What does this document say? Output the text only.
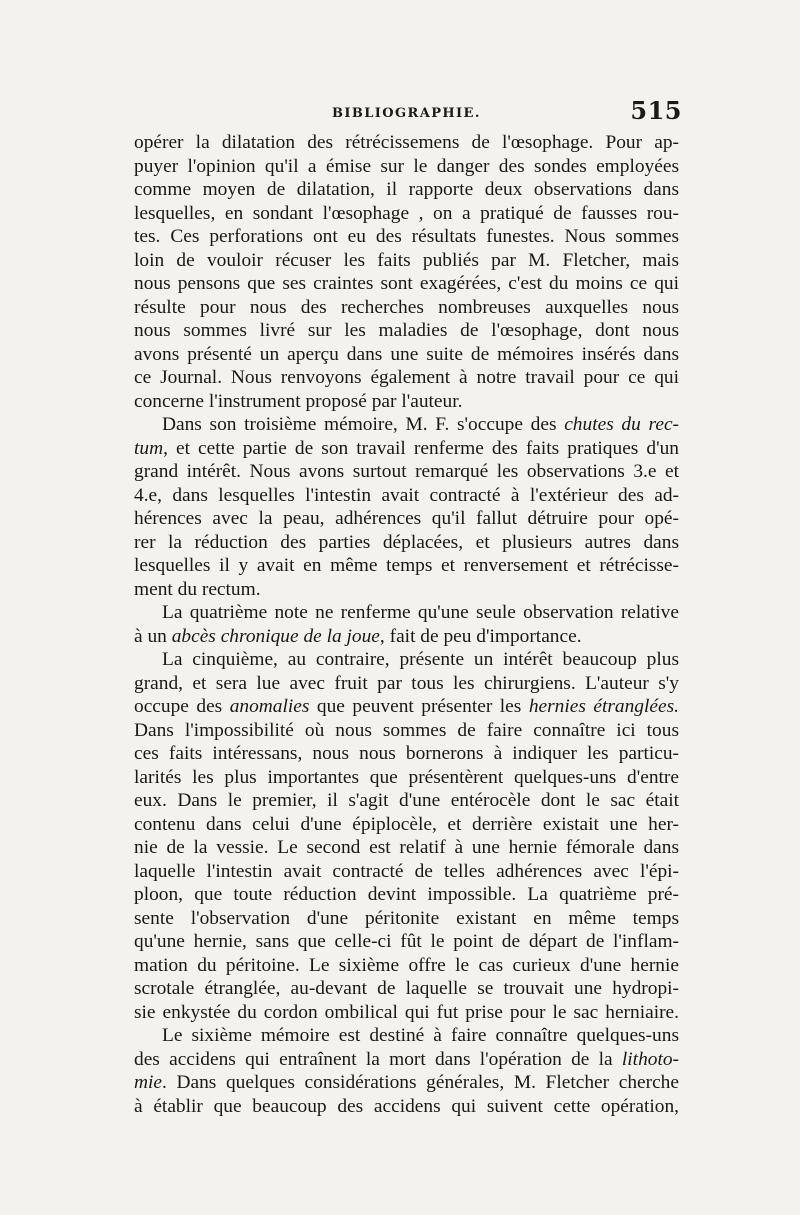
BIBLIOGRAPHIE.	515
opérer la dilatation des rétrécissemens de l'œsophage. Pour ap-
puyer l'opinion qu'il a émise sur le danger des sondes employées
comme moyen de dilatation, il rapporte deux observations dans
lesquelles, en sondant l'œsophage , on a pratiqué de fausses rou-
tes. Ces perforations ont eu des résultats funestes. Nous sommes
loin de vouloir récuser les faits publiés par M. Fletcher, mais
nous pensons que ses craintes sont exagérées, c'est du moins ce qui
résulte pour nous des recherches nombreuses auxquelles nous
nous sommes livré sur les maladies de l'œsophage, dont nous
avons présenté un aperçu dans une suite de mémoires insérés dans
ce Journal. Nous renvoyons également à notre travail pour ce qui
concerne l'instrument proposé par l'auteur.
Dans son troisième mémoire, M. F. s'occupe des chutes du rec-
tum, et cette partie de son travail renferme des faits pratiques d'un
grand intérêt. Nous avons surtout remarqué les observations 3.e et
4.e, dans lesquelles l'intestin avait contracté à l'extérieur des ad-
hérences avec la peau, adhérences qu'il fallut détruire pour opé-
rer la réduction des parties déplacées, et plusieurs autres dans
lesquelles il y avait en même temps et renversement et rétrécisse-
ment du rectum.
La quatrième note ne renferme qu'une seule observation relative
à un abcès chronique de la joue, fait de peu d'importance.
La cinquième, au contraire, présente un intérêt beaucoup plus
grand, et sera lue avec fruit par tous les chirurgiens. L'auteur s'y
occupe des anomalies que peuvent présenter les hernies étranglées.
Dans l'impossibilité où nous sommes de faire connaître ici tous
ces faits intéressans, nous nous bornerons à indiquer les particu-
larités les plus importantes que présentèrent quelques-uns d'entre
eux. Dans le premier, il s'agit d'une entérocèle dont le sac était
contenu dans celui d'une épiplocèle, et derrière existait une her-
nie de la vessie. Le second est relatif à une hernie fémorale dans
laquelle l'intestin avait contracté de telles adhérences avec l'épi-
ploon, que toute réduction devint impossible. La quatrième pré-
sente l'observation d'une péritonite existant en même temps
qu'une hernie, sans que celle-ci fût le point de départ de l'inflam-
mation du péritoine. Le sixième offre le cas curieux d'une hernie
scrotale étranglée, au-devant de laquelle se trouvait une hydropi-
sie enkystée du cordon ombilical qui fut prise pour le sac herniaire.
Le sixième mémoire est destiné à faire connaître quelques-uns
des accidens qui entraînent la mort dans l'opération de la lithoto-
mie. Dans quelques considérations générales, M. Fletcher cherche
à établir que beaucoup des accidens qui suivent cette opération,
